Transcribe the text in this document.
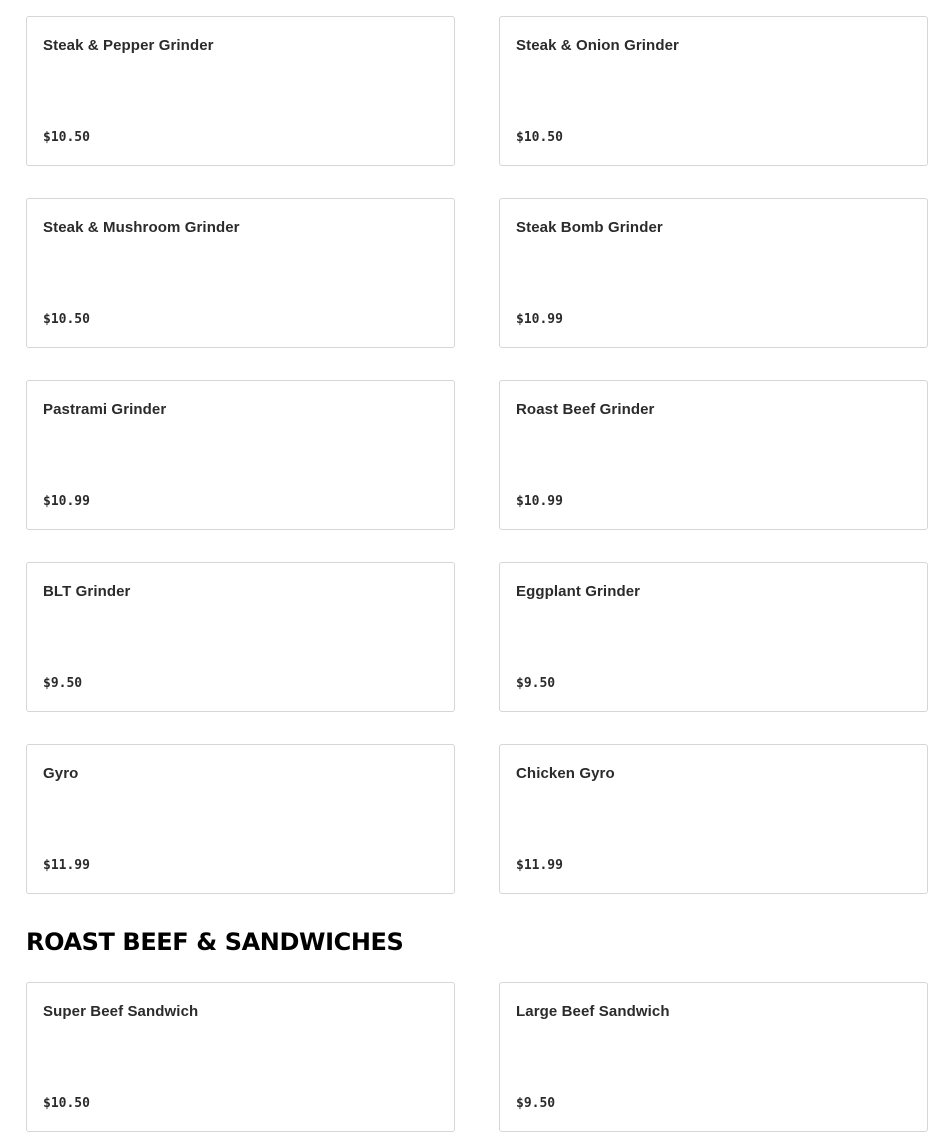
Steak & Pepper Grinder
$10.50
Steak & Onion Grinder
$10.50
Steak & Mushroom Grinder
$10.50
Steak Bomb Grinder
$10.99
Pastrami Grinder
$10.99
Roast Beef Grinder
$10.99
BLT Grinder
$9.50
Eggplant Grinder
$9.50
Gyro
$11.99
Chicken Gyro
$11.99
ROAST BEEF & SANDWICHES
Super Beef Sandwich
$10.50
Large Beef Sandwich
$9.50
